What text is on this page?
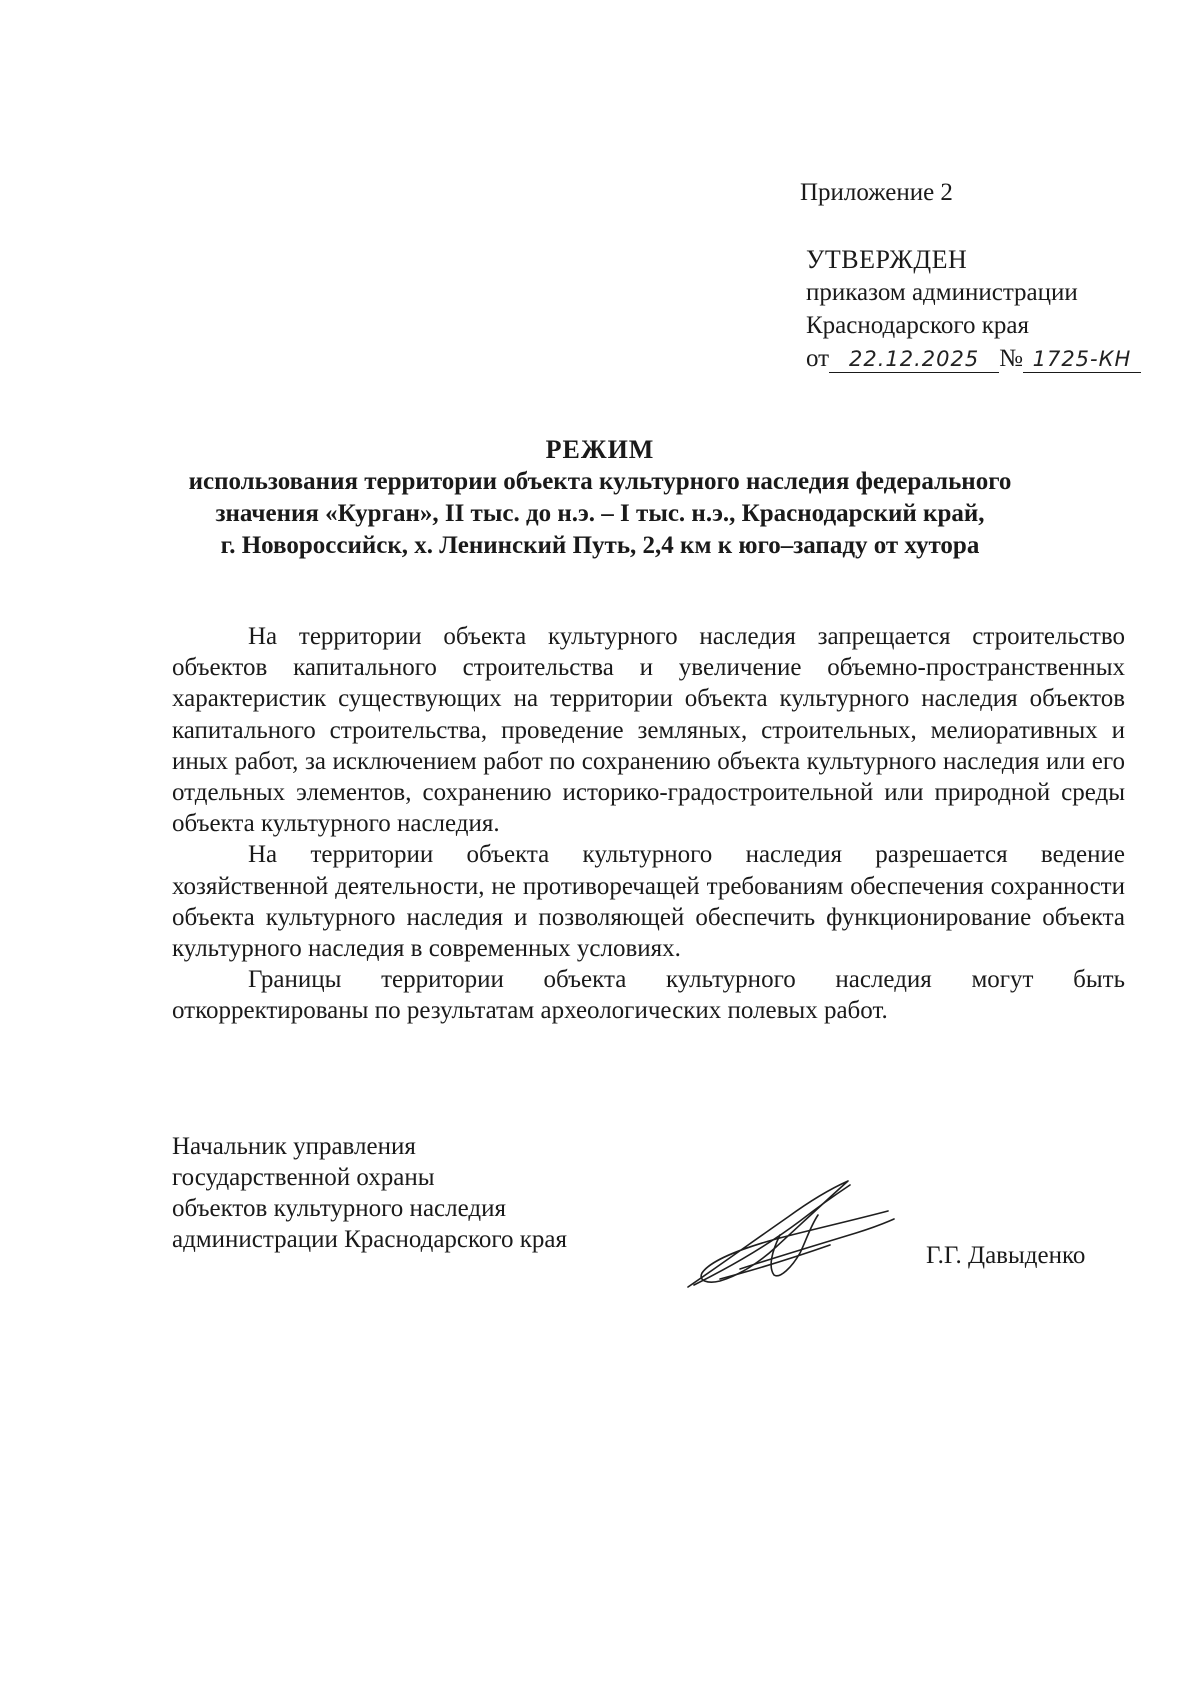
Приложение 2
УТВЕРЖДЕН
приказом администрации
Краснодарского края
от 22.12.2025 № 1725-КН
РЕЖИМ
использования территории объекта культурного наследия федерального
значения «Курган», II тыс. до н.э. – I тыс. н.э., Краснодарский край,
г. Новороссийск, х. Ленинский Путь, 2,4 км к юго–западу от хутора

На территории объекта культурного наследия запрещается строительство объектов капитального строительства и увеличение объемно-пространственных характеристик существующих на территории объекта культурного наследия объектов капитального строительства, проведение земляных, строительных, мелиоративных и иных работ, за исключением работ по сохранению объекта культурного наследия или его отдельных элементов, сохранению историко-градостроительной или природной среды объекта культурного наследия.

На территории объекта культурного наследия разрешается ведение хозяйственной деятельности, не противоречащей требованиям обеспечения сохранности объекта культурного наследия и позволяющей обеспечить функционирование объекта культурного наследия в современных условиях.

Границы территории объекта культурного наследия могут быть откорректированы по результатам археологических полевых работ.

Начальник управления
государственной охраны
объектов культурного наследия
администрации Краснодарского края
Г.Г. Давыденко
